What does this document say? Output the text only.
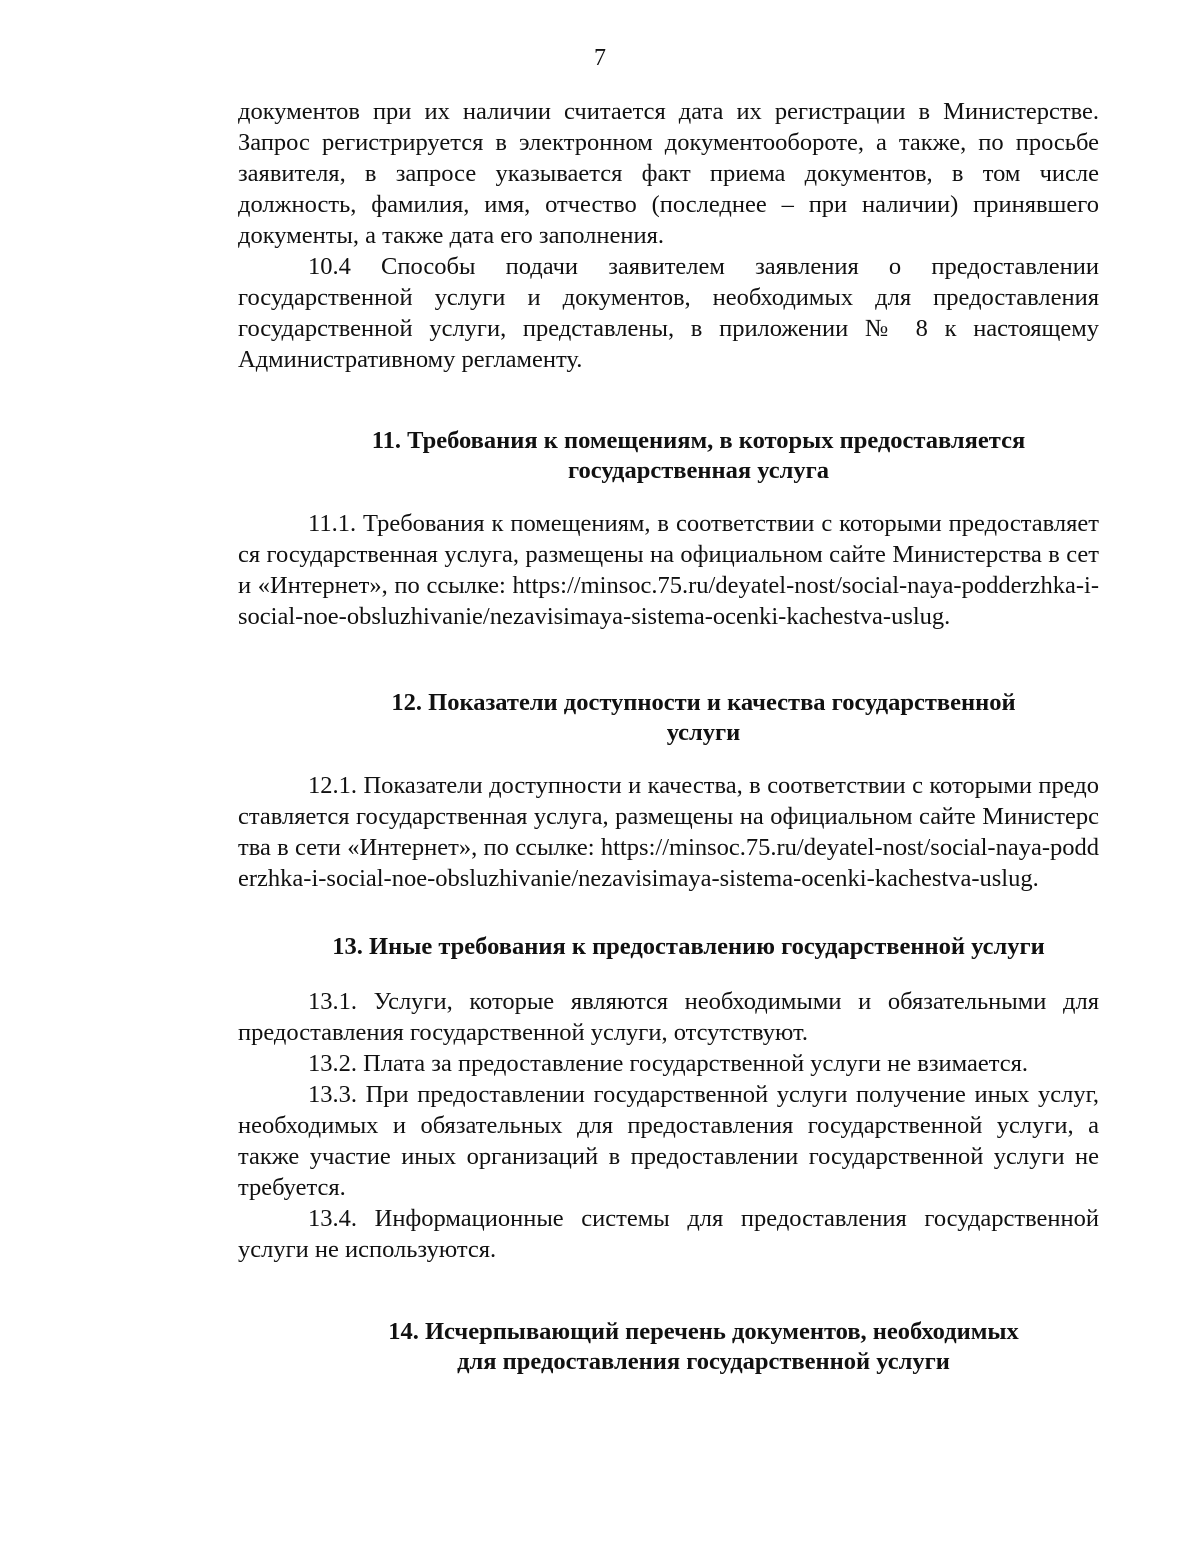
7

документов при их наличии считается дата их регистрации в Министерстве. Запрос регистрируется в электронном документообороте, а также, по просьбе заявителя, в запросе указывается факт приема документов, в том числе должность, фамилия, имя, отчество (последнее – при наличии) принявшего документы, а также дата его заполнения.

10.4 Способы подачи заявителем заявления о предоставлении государственной услуги и документов, необходимых для предоставления государственной услуги, представлены, в приложении № 8 к настоящему Административному регламенту.

11. Требования к помещениям, в которых предоставляется
государственная услуга

11.1. Требования к помещениям, в соответствии с которыми предоставляется государственная услуга, размещены на официальном сайте Министерства в сети «Интернет», по ссылке: https://minsoc.75.ru/deyatel-nost/social-naya-podderzhka-i-social-noe-obsluzhivanie/nezavisimaya-sistema-ocenki-kachestva-uslug.

12. Показатели доступности и качества государственной
услуги

12.1. Показатели доступности и качества, в соответствии с которыми предоставляется государственная услуга, размещены на официальном сайте Министерства в сети «Интернет», по ссылке: https://minsoc.75.ru/deyatel-nost/social-naya-podderzhka-i-social-noe-obsluzhivanie/nezavisimaya-sistema-ocenki-kachestva-uslug.

13. Иные требования к предоставлению государственной услуги

13.1. Услуги, которые являются необходимыми и обязательными для предоставления государственной услуги, отсутствуют.

13.2. Плата за предоставление государственной услуги не взимается.

13.3. При предоставлении государственной услуги получение иных услуг, необходимых и обязательных для предоставления государственной услуги, а также участие иных организаций в предоставлении государственной услуги не требуется.

13.4. Информационные системы для предоставления государственной услуги не используются.

14. Исчерпывающий перечень документов, необходимых
для предоставления государственной услуги
